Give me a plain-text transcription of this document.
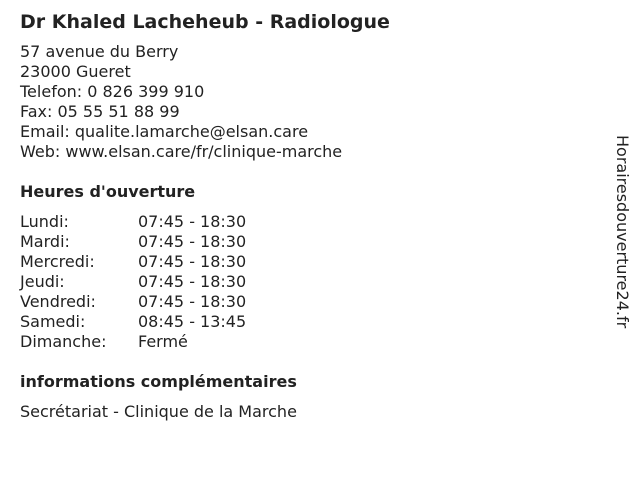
Dr Khaled Lacheheub - Radiologue
57 avenue du Berry
23000 Gueret
Telefon: 0 826 399 910
Fax: 05 55 51 88 99
Email: qualite.lamarche@elsan.care
Web: www.elsan.care/fr/clinique-marche
Heures d'ouverture
Lundi:	07:45 - 18:30
Mardi:	07:45 - 18:30
Mercredi:	07:45 - 18:30
Jeudi:	07:45 - 18:30
Vendredi:	07:45 - 18:30
Samedi:	08:45 - 13:45
Dimanche:	Fermé
informations complémentaires
Secrétariat - Clinique de la Marche
Horairesdouverture24.fr
